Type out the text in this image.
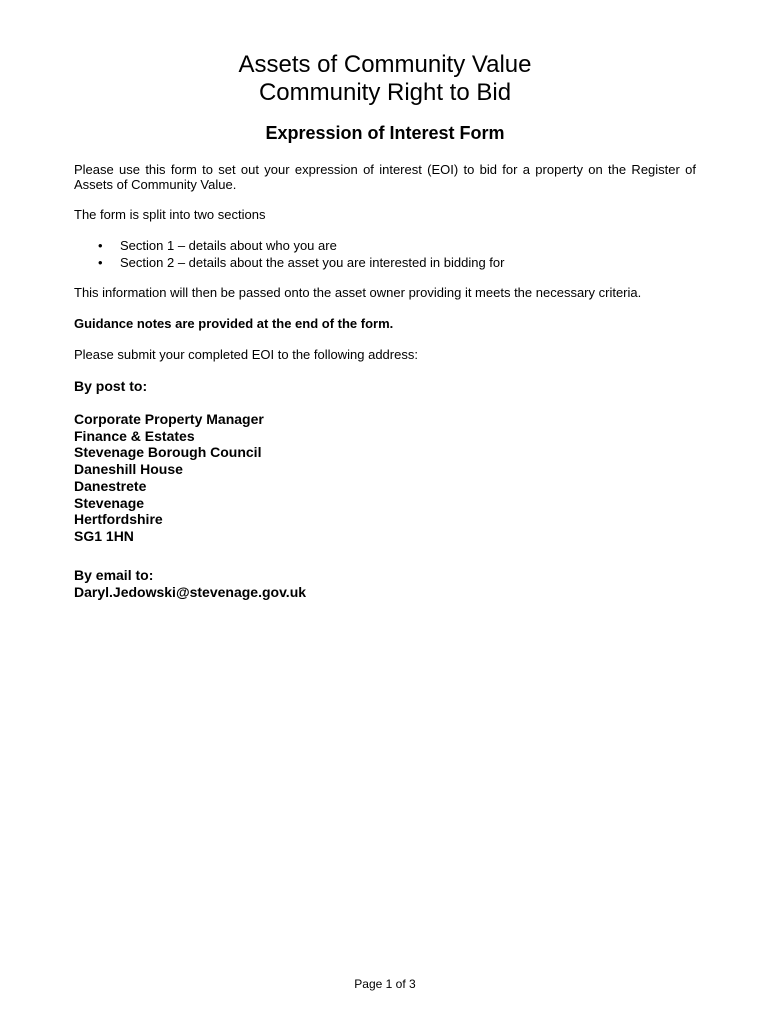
Assets of Community Value
Community Right to Bid
Expression of Interest Form

Please use this form to set out your expression of interest (EOI) to bid for a property on the Register of Assets of Community Value.

The form is split into two sections

• Section 1 – details about who you are
• Section 2 – details about the asset you are interested in bidding for

This information will then be passed onto the asset owner providing it meets the necessary criteria.

Guidance notes are provided at the end of the form.

Please submit your completed EOI to the following address:

By post to:

Corporate Property Manager
Finance & Estates
Stevenage Borough Council
Daneshill House
Danestrete
Stevenage
Hertfordshire
SG1 1HN

By email to:

Daryl.Jedowski@stevenage.gov.uk

Page 1 of 3
